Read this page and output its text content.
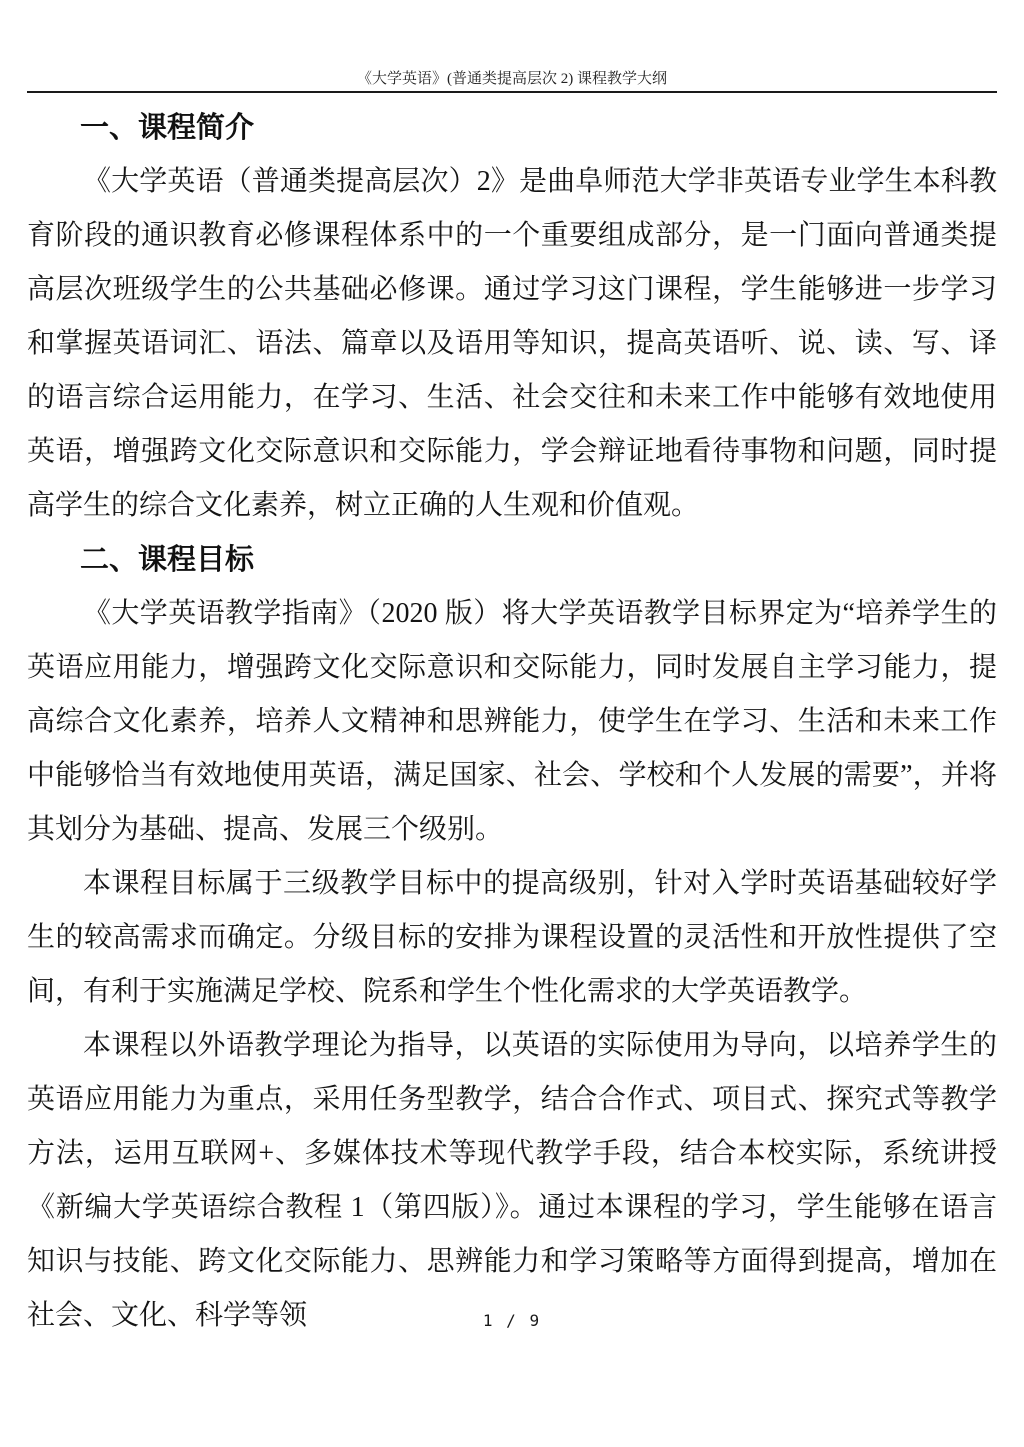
《大学英语》(普通类提高层次 2) 课程教学大纲
一、课程简介

《大学英语（普通类提高层次）2》是曲阜师范大学非英语专业学生本科教育阶段的通识教育必修课程体系中的一个重要组成部分，是一门面向普通类提高层次班级学生的公共基础必修课。通过学习这门课程，学生能够进一步学习和掌握英语词汇、语法、篇章以及语用等知识，提高英语听、说、读、写、译的语言综合运用能力，在学习、生活、社会交往和未来工作中能够有效地使用英语，增强跨文化交际意识和交际能力，学会辩证地看待事物和问题，同时提高学生的综合文化素养，树立正确的人生观和价值观。

二、课程目标

《大学英语教学指南》（2020 版）将大学英语教学目标界定为“培养学生的英语应用能力，增强跨文化交际意识和交际能力，同时发展自主学习能力，提高综合文化素养，培养人文精神和思辨能力，使学生在学习、生活和未来工作中能够恰当有效地使用英语，满足国家、社会、学校和个人发展的需要”，并将其划分为基础、提高、发展三个级别。

本课程目标属于三级教学目标中的提高级别，针对入学时英语基础较好学生的较高需求而确定。分级目标的安排为课程设置的灵活性和开放性提供了空间，有利于实施满足学校、院系和学生个性化需求的大学英语教学。

本课程以外语教学理论为指导，以英语的实际使用为导向，以培养学生的英语应用能力为重点，采用任务型教学，结合合作式、项目式、探究式等教学方法，运用互联网+、多媒体技术等现代教学手段，结合本校实际，系统讲授《新编大学英语综合教程 1（第四版）》。通过本课程的学习，学生能够在语言知识与技能、跨文化交际能力、思辨能力和学习策略等方面得到提高，增加在社会、文化、科学等领	1 / 9
